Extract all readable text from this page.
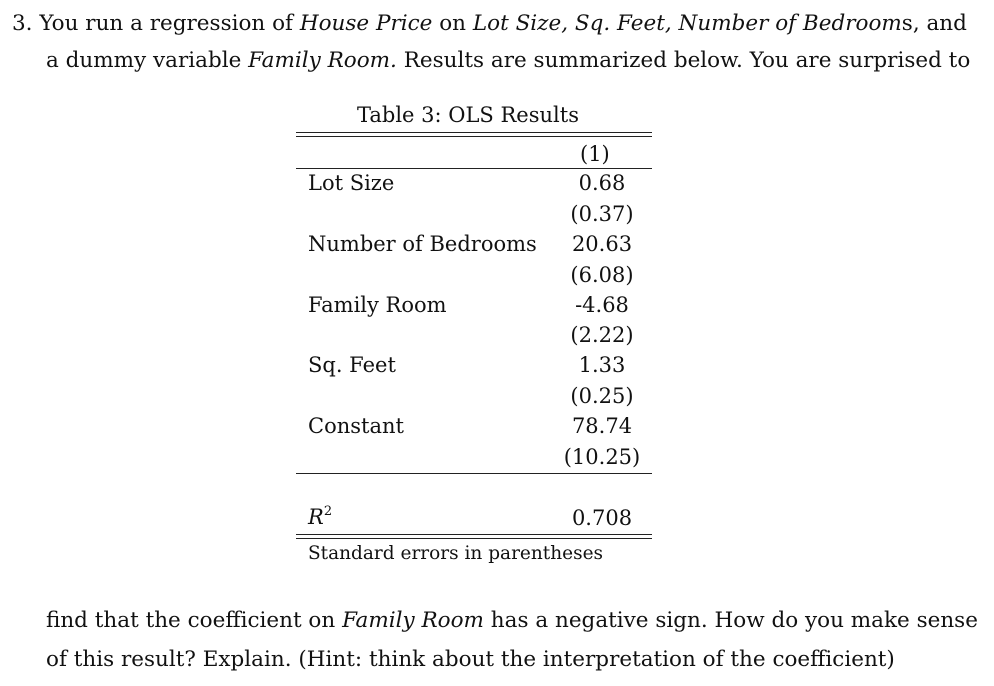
3. You run a regression of House Price on Lot Size, Sq. Feet, Number of Bedrooms, and
a dummy variable Family Room. Results are summarized below. You are surprised to
Table 3: OLS Results
(1)
Lot Size	0.68
(0.37)
Number of Bedrooms	20.63
(6.08)
Family Room	-4.68
(2.22)
Sq. Feet	1.33
(0.25)
Constant	78.74
(10.25)
$R^2$	0.708
Standard errors in parentheses
find that the coefficient on Family Room has a negative sign. How do you make sense
of this result? Explain. (Hint: think about the interpretation of the coefficient)
